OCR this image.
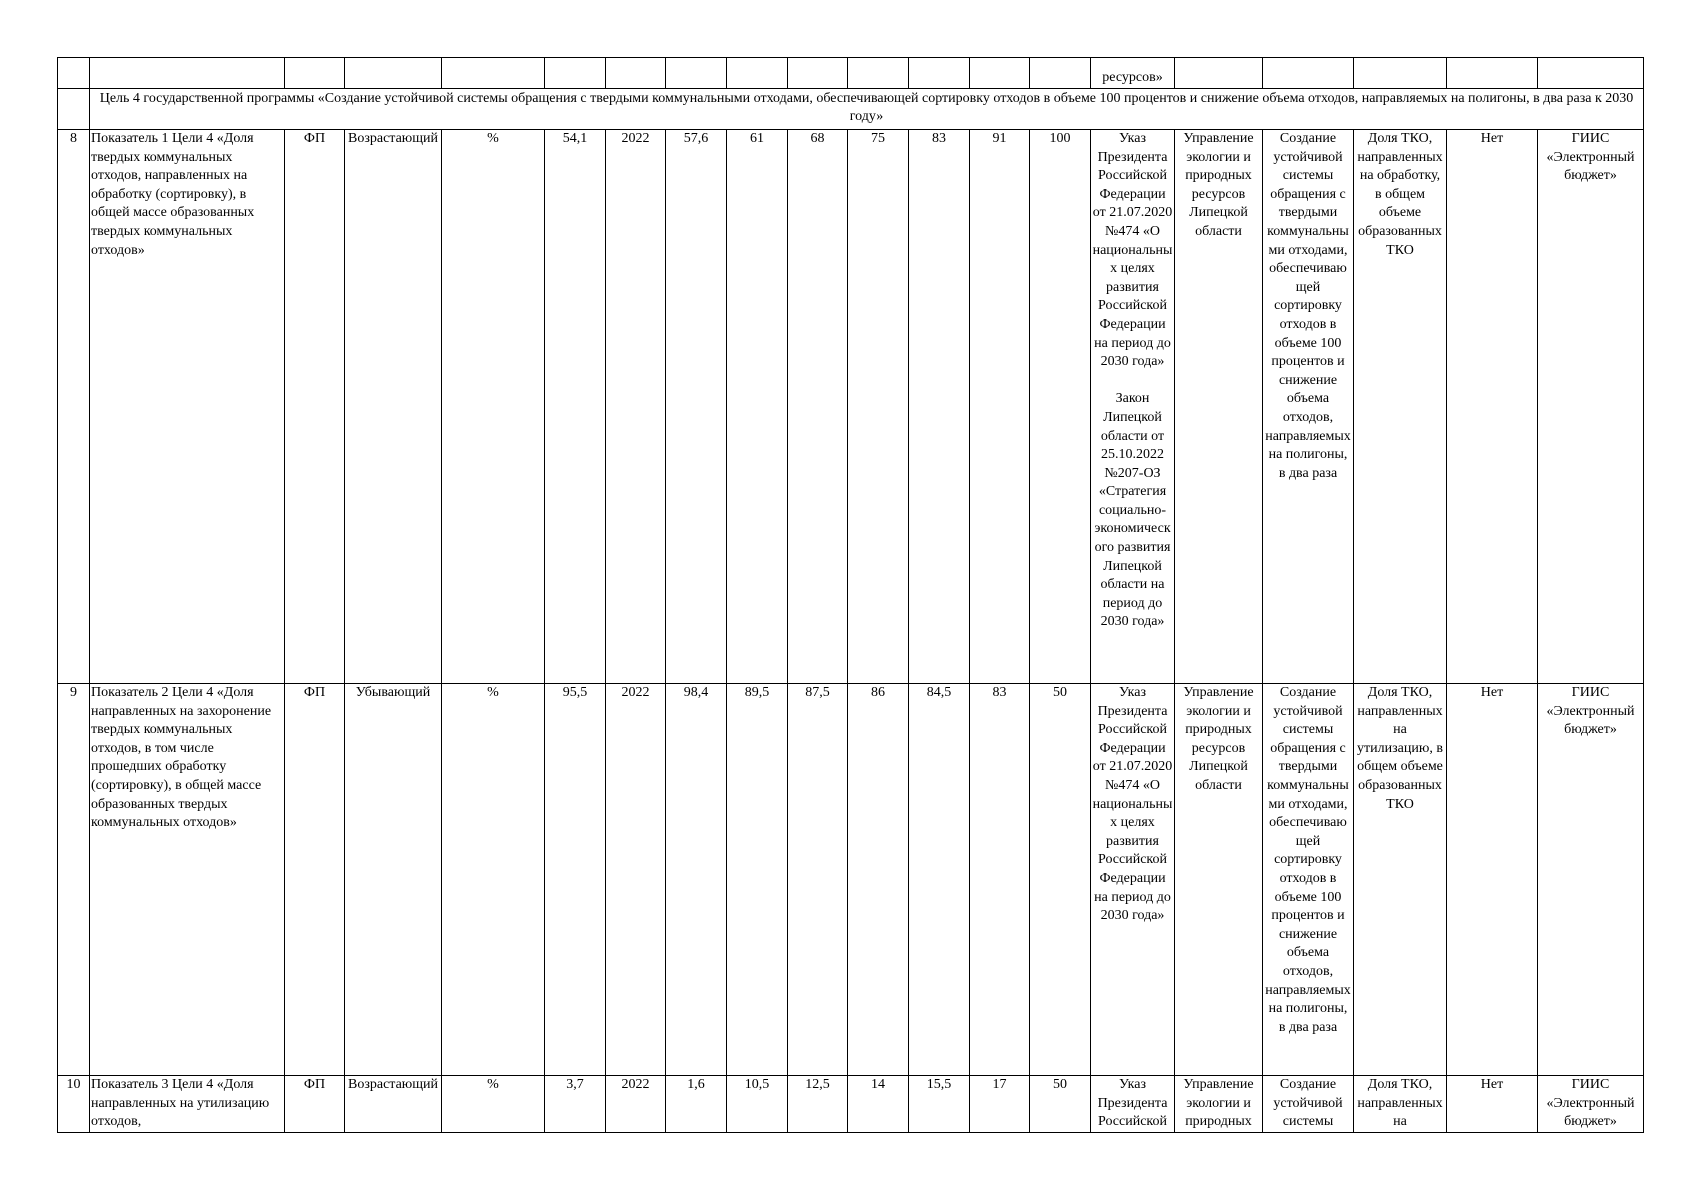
														ресурсов»					
	Цель 4 государственной программы «Создание устойчивой системы обращения с твердыми коммунальными отходами, обеспечивающей сортировку отходов в объеме 100 процентов и снижение объема отходов, направляемых на полигоны, в два раза к 2030 году»																		
8	Показатель 1 Цели 4 «Доля твердых коммунальных отходов, направленных на обработку (сортировку), в общей массе образованных твердых коммунальных отходов»	ФП	Возрастающий	%	54,1	2022	57,6	61	68	75	83	91	100	Указ Президента Российской Федерации от 21.07.2020 №474 «О национальных целях развития Российской Федерации на период до 2030 года»
Закон Липецкой области от 25.10.2022 №207-ОЗ «Стратегия социально-экономического развития Липецкой области на период до 2030 года»	Управление экологии и природных ресурсов Липецкой области	Создание устойчивой системы обращения с твердыми коммунальными отходами, обеспечивающей сортировку отходов в объеме 100 процентов и снижение объема отходов, направляемых на полигоны, в два раза	Доля ТКО, направленных на обработку, в общем объеме образованных ТКО	Нет	ГИИС «Электронный бюджет»
9	Показатель 2 Цели 4 «Доля направленных на захоронение твердых коммунальных отходов, в том числе прошедших обработку (сортировку), в общей массе образованных твердых коммунальных отходов»	ФП	Убывающий	%	95,5	2022	98,4	89,5	87,5	86	84,5	83	50	Указ Президента Российской Федерации от 21.07.2020 №474 «О национальных целях развития Российской Федерации на период до 2030 года»	Управление экологии и природных ресурсов Липецкой области	Создание устойчивой системы обращения с твердыми коммунальными отходами, обеспечивающей сортировку отходов в объеме 100 процентов и снижение объема отходов, направляемых на полигоны, в два раза	Доля ТКО, направленных на утилизацию, в общем объеме образованных ТКО	Нет	ГИИС «Электронный бюджет»
10	Показатель 3 Цели 4 «Доля направленных на утилизацию отходов,	ФП	Возрастающий	%	3,7	2022	1,6	10,5	12,5	14	15,5	17	50	Указ Президента Российской	Управление экологии и природных	Создание устойчивой системы	Доля ТКО, направленных на	Нет	ГИИС «Электронный бюджет»
